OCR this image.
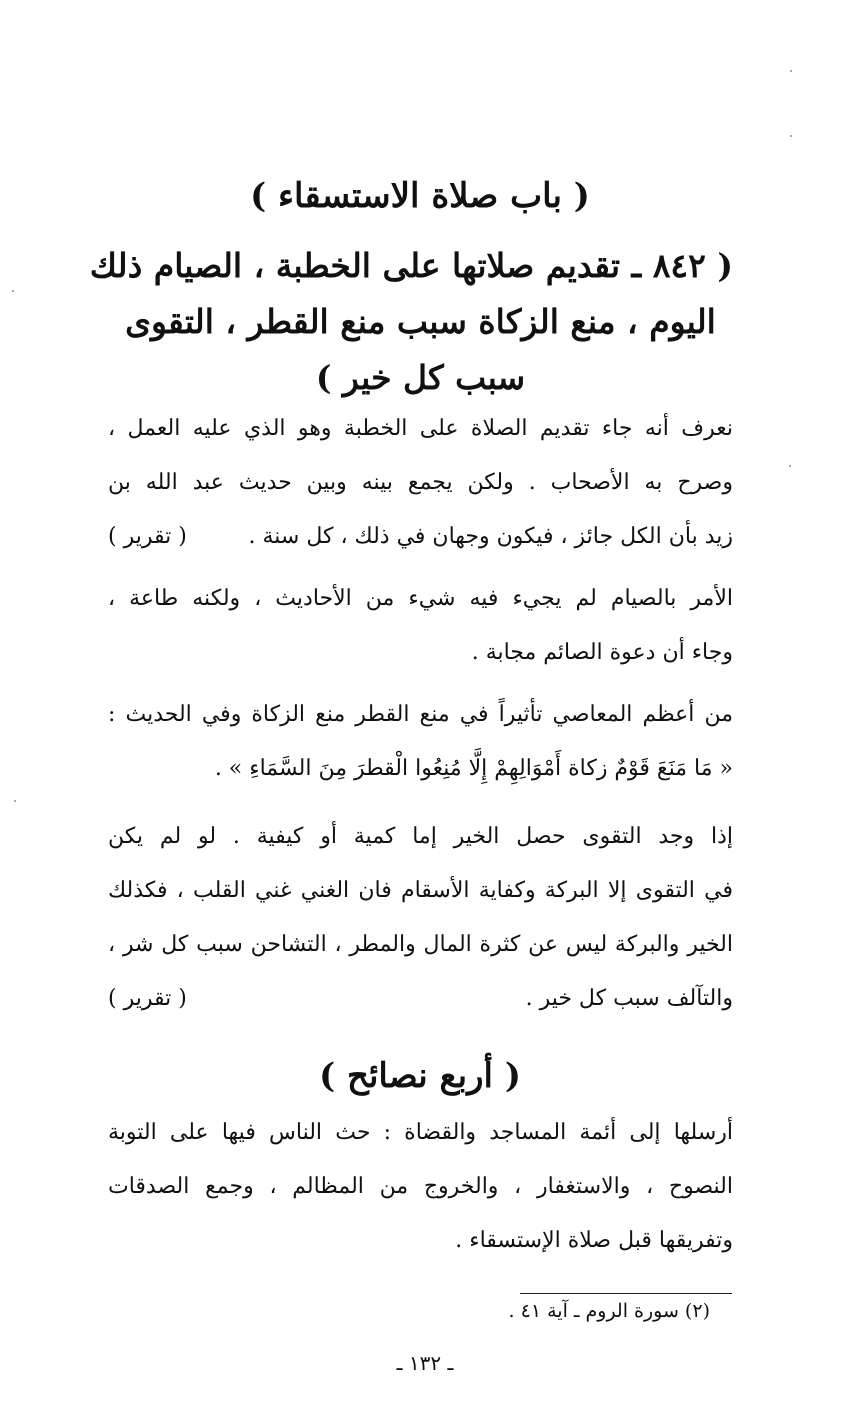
( باب صلاة الاستسقاء )
( ٨٤٢ ـ تقديم صلاتها على الخطبة ، الصيام ذلك
اليوم ، منع الزكاة سبب منع القطر ، التقوى
سبب كل خير )
نعرف أنه جاء تقديم الصلاة على الخطبة وهو الذي عليه العمل ،
وصرح به الأصحاب . ولكن يجمع بينه وبين حديث عبد الله بن
زيد بأن الكل جائز ، فيكون وجهان في ذلك ، كل سنة .
( تقرير )
الأمر بالصيام لم يجيء فيه شيء من الأحاديث ، ولكنه طاعة ،
وجاء أن دعوة الصائم مجابة .
من أعظم المعاصي تأثيراً في منع القطر منع الزكاة وفي الحديث :
« مَا مَنَعَ قَوْمٌ زكاة أَمْوَالِهِمْ إِلَّا مُنِعُوا الْقطرَ مِنَ السَّمَاءِ » .
إذا وجد التقوى حصل الخير إما كمية أو كيفية . لو لم يكن
في التقوى إلا البركة وكفاية الأسقام فان الغني غني القلب ، فكذلك
الخير والبركة ليس عن كثرة المال والمطر ، التشاحن سبب كل شر ،
والتآلف سبب كل خير .
( تقرير )
( أربع نصائح )
أرسلها إلى أئمة المساجد والقضاة : حث الناس فيها على التوبة
النصوح ، والاستغفار ، والخروج من المظالم ، وجمع الصدقات
وتفريقها قبل صلاة الإستسقاء .
(٢) سورة الروم ـ آية ٤١ .
ـ ١٣٢ ـ
